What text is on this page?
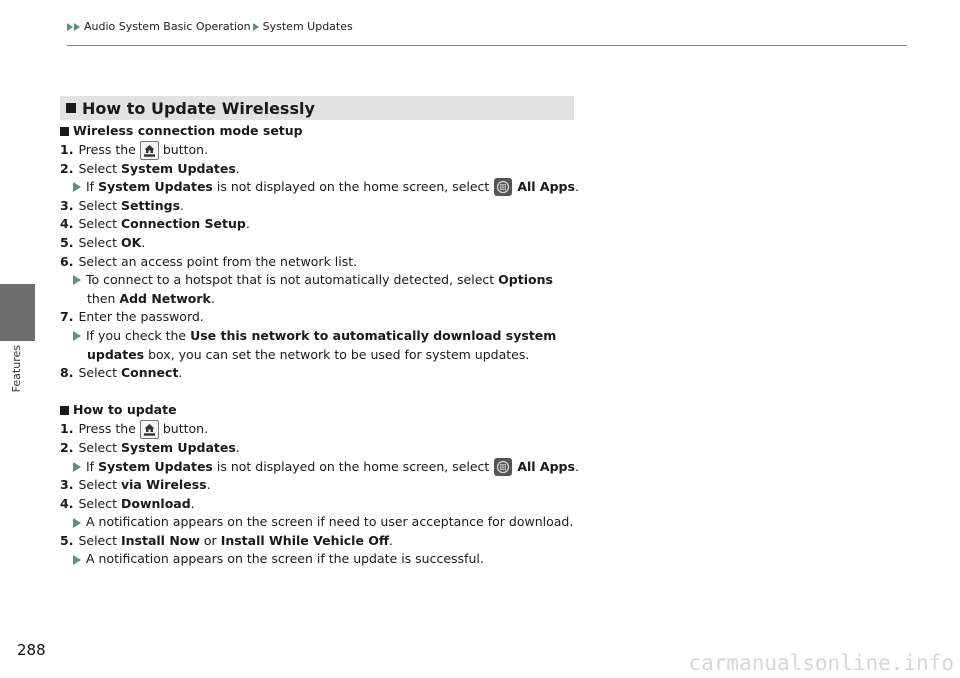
Audio System Basic Operation System Updates
Features
How to Update Wirelessly
Wireless connection mode setup
1. Press the button.
2. Select
System Updates .
If
System Updates
is not displayed on the home screen, select All Apps .
3. Select
Settings .
4. Select
Connection Setup .
5. Select
OK .
6. Select an access point from the network list.
To connect to a hotspot that is not automatically detected, select
Options
then
Add Network .
7. Enter the password.
If you check the
Use this network to automatically download system
updates
box, you can set the network to be used for system updates.
8. Select
Connect .
How to update
1. Press the button.
2. Select
System Updates .
If
System Updates
is not displayed on the home screen, select All Apps .
3. Select
via Wireless .
4. Select
Download .
A notification appears on the screen if need to user acceptance for download.
5. Select
Install Now
or
Install While Vehicle Off .
A notification appears on the screen if the update is successful.
288
carmanualsonline.info
